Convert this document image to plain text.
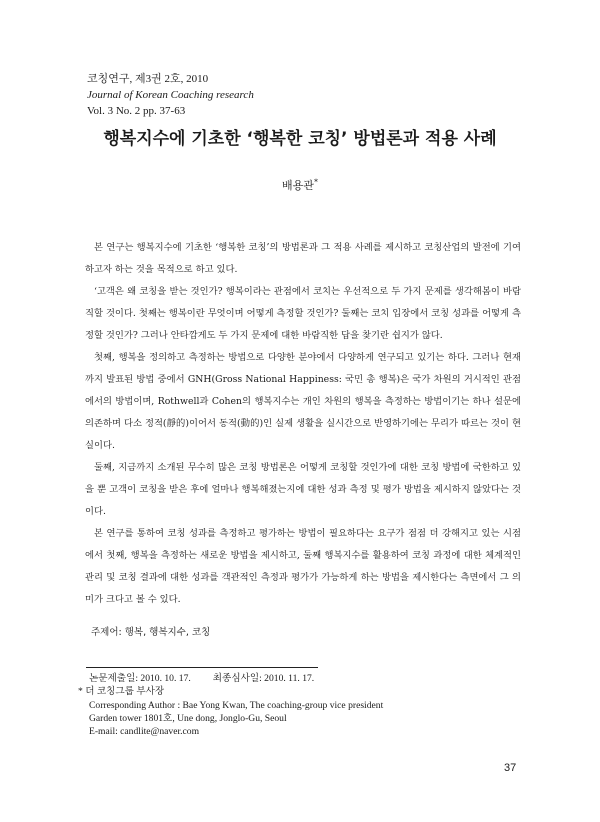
코칭연구, 제3권 2호, 2010
Journal of Korean Coaching research
Vol. 3 No. 2 pp. 37-63
행복지수에 기초한 ‘행복한 코칭’ 방법론과 적용 사례
배용관*

본 연구는 행복지수에 기초한 ‘행복한 코칭’의 방법론과 그 적용 사례를 제시하고 코칭산업의 발전에 기여하고자 하는 것을 목적으로 하고 있다.

‘고객은 왜 코칭을 받는 것인가? 행복이라는 관점에서 코치는 우선적으로 두 가지 문제를 생각해봄이 바람직할 것이다. 첫째는 행복이란 무엇이며 어떻게 측정할 것인가? 둘째는 코치 입장에서 코칭 성과를 어떻게 측정할 것인가? 그러나 안타깝게도 두 가지 문제에 대한 바람직한 답을 찾기란 쉽지가 않다.

첫째, 행복을 정의하고 측정하는 방법으로 다양한 분야에서 다양하게 연구되고 있기는 하다. 그러나 현재까지 발표된 방법 중에서 GNH(Gross National Happiness: 국민 총 행복)은 국가 차원의 거시적인 관점에서의 방법이며, Rothwell과 Cohen의 행복지수는 개인 차원의 행복을 측정하는 방법이기는 하나 설문에 의존하며 다소 정적(靜的)이어서 동적(動的)인 실제 생활을 실시간으로 반영하기에는 무리가 따르는 것이 현실이다.

둘째, 지금까지 소개된 무수히 많은 코칭 방법론은 어떻게 코칭할 것인가에 대한 코칭 방법에 국한하고 있을 뿐 고객이 코칭을 받은 후에 얼마나 행복해졌는지에 대한 성과 측정 및 평가 방법을 제시하지 않았다는 것이다.

본 연구를 통하여 코칭 성과를 측정하고 평가하는 방법이 필요하다는 요구가 점점 더 강해지고 있는 시점에서 첫째, 행복을 측정하는 새로운 방법을 제시하고, 둘째 행복지수를 활용하여 코칭 과정에 대한 체계적인 관리 및 코칭 결과에 대한 성과를 객관적인 측정과 평가가 가능하게 하는 방법을 제시한다는 측면에서 그 의미가 크다고 볼 수 있다.

주제어: 행복, 행복지수, 코칭
논문제출일: 2010. 10. 17. 최종심사일: 2010. 11. 17.
* 더 코칭그룹 부사장
Corresponding Author : Bae Yong Kwan, The coaching-group vice president
Garden tower 1801호, Une dong, Jonglo-Gu, Seoul
E-mail: candlite@naver.com
37
